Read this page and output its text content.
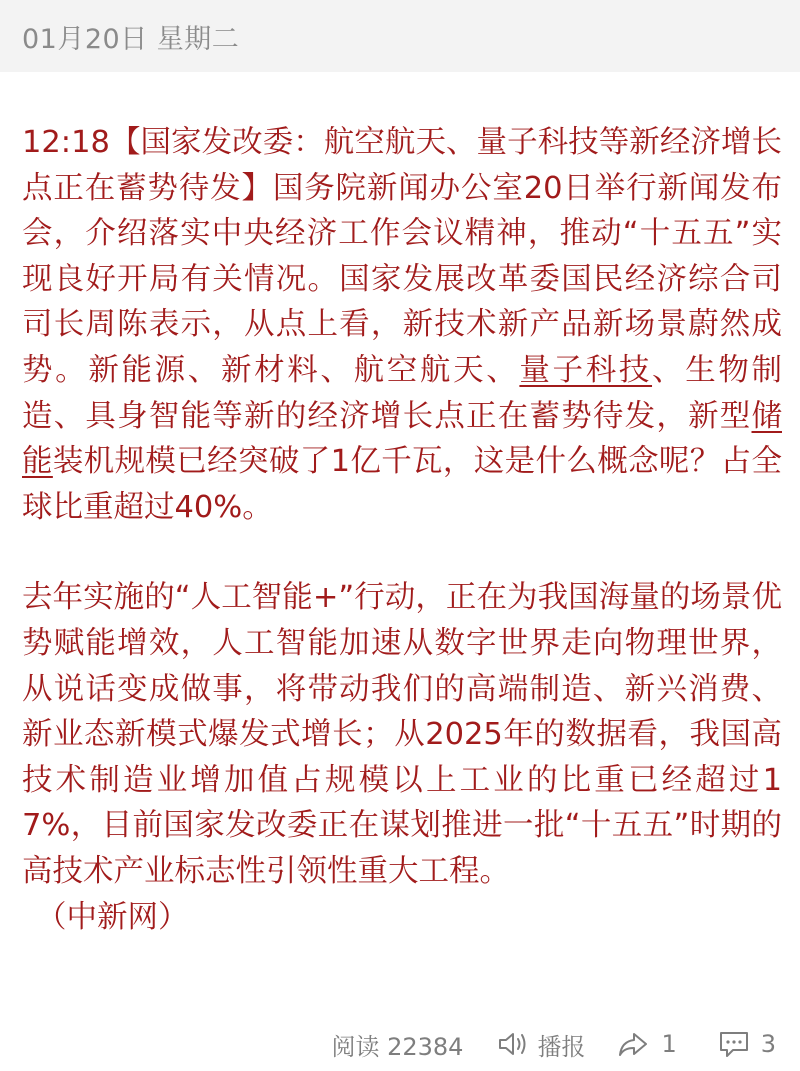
01月20日 星期二

12:18【国家发改委：航空航天、量子科技等新经济增长点正在蓄势待发】国务院新闻办公室20日举行新闻发布会，介绍落实中央经济工作会议精神，推动“十五五”实现良好开局有关情况。国家发展改革委国民经济综合司司长周陈表示，从点上看，新技术新产品新场景蔚然成势。新能源、新材料、航空航天、量子科技、生物制造、具身智能等新的经济增长点正在蓄势待发，新型储能装机规模已经突破了1亿千瓦，这是什么概念呢？占全球比重超过40%。

去年实施的“人工智能+”行动，正在为我国海量的场景优势赋能增效，人工智能加速从数字世界走向物理世界，从说话变成做事，将带动我们的高端制造、新兴消费、新业态新模式爆发式增长；从2025年的数据看，我国高技术制造业增加值占规模以上工业的比重已经超过17%，目前国家发改委正在谋划推进一批“十五五”时期的高技术产业标志性引领性重大工程。
（中新网）

阅读 22384	播报	1	3
